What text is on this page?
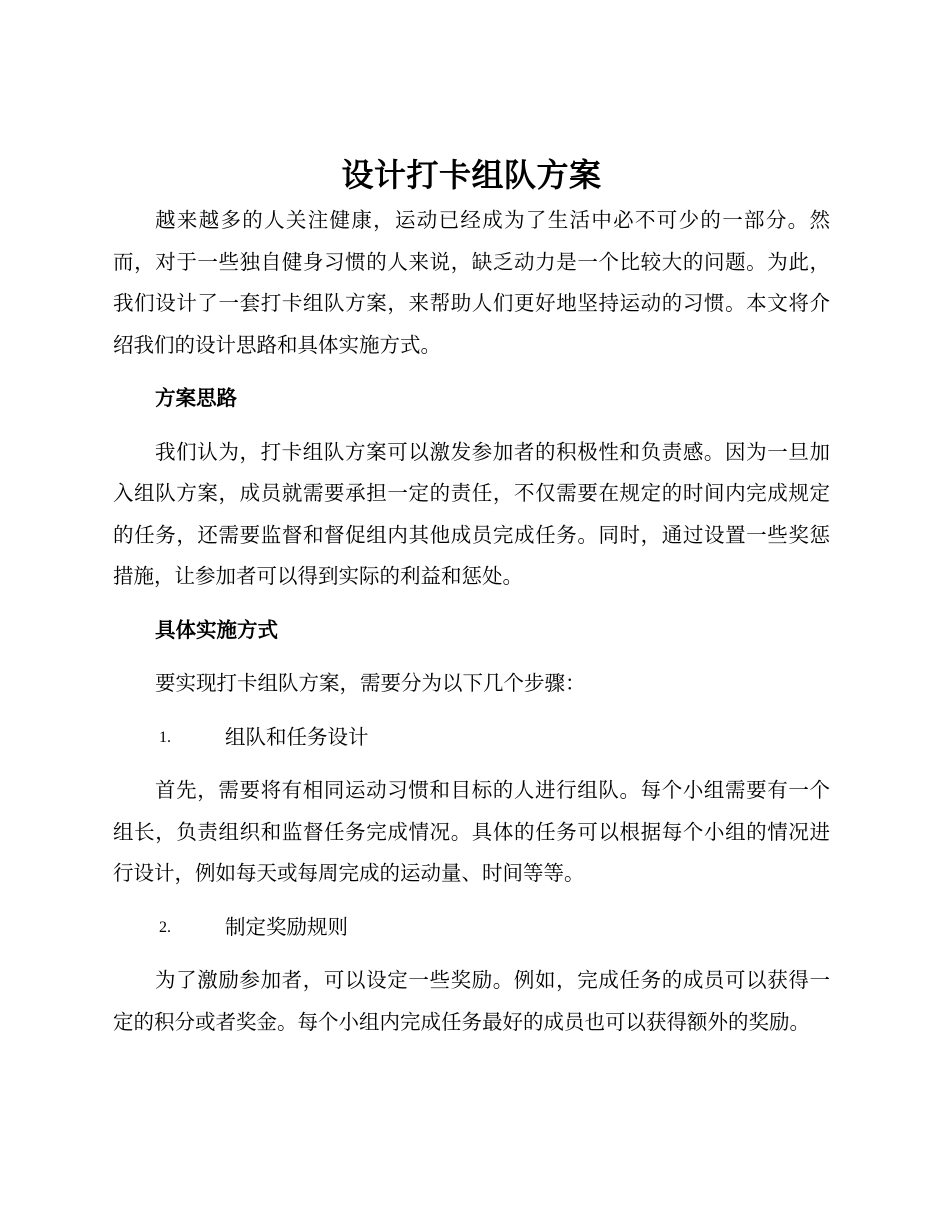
设计打卡组队方案

越来越多的人关注健康，运动已经成为了生活中必不可少的一部分。然而，对于一些独自健身习惯的人来说，缺乏动力是一个比较大的问题。为此，我们设计了一套打卡组队方案，来帮助人们更好地坚持运动的习惯。本文将介绍我们的设计思路和具体实施方式。

方案思路

我们认为，打卡组队方案可以激发参加者的积极性和负责感。因为一旦加入组队方案，成员就需要承担一定的责任，不仅需要在规定的时间内完成规定的任务，还需要监督和督促组内其他成员完成任务。同时，通过设置一些奖惩措施，让参加者可以得到实际的利益和惩处。

具体实施方式

要实现打卡组队方案，需要分为以下几个步骤：

1.	组队和任务设计

首先，需要将有相同运动习惯和目标的人进行组队。每个小组需要有一个组长，负责组织和监督任务完成情况。具体的任务可以根据每个小组的情况进行设计，例如每天或每周完成的运动量、时间等等。

2.	制定奖励规则

为了激励参加者，可以设定一些奖励。例如，完成任务的成员可以获得一定的积分或者奖金。每个小组内完成任务最好的成员也可以获得额外的奖励。
